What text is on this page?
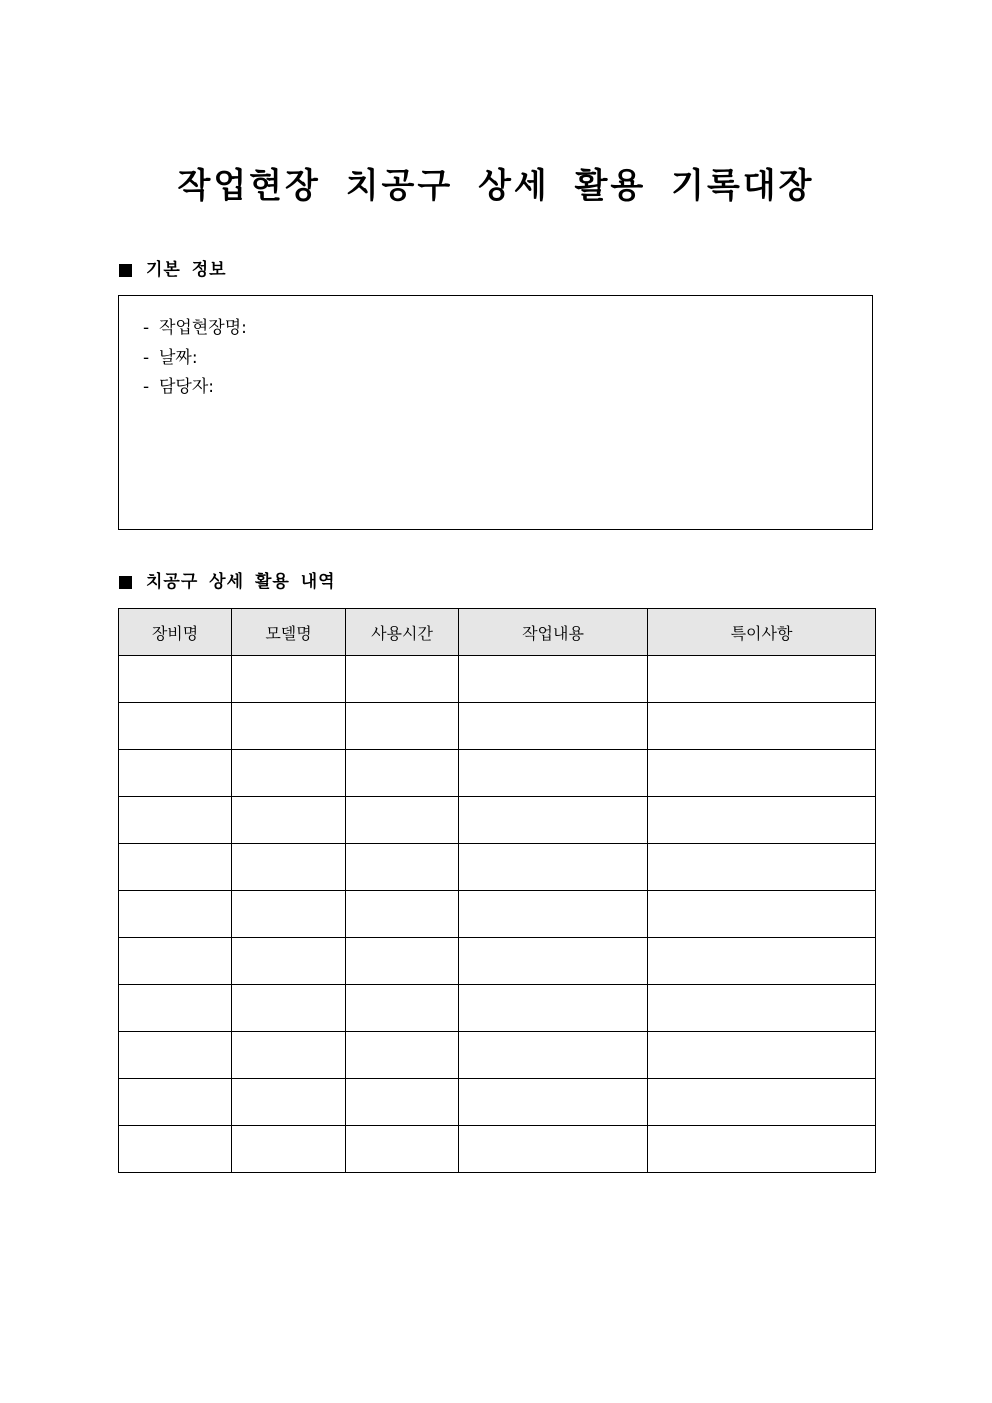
작업현장 치공구 상세 활용 기록대장
기본 정보
- 작업현장명:
- 날짜:
- 담당자:
치공구 상세 활용 내역
장비명	모델명	사용시간	작업내용	특이사항
